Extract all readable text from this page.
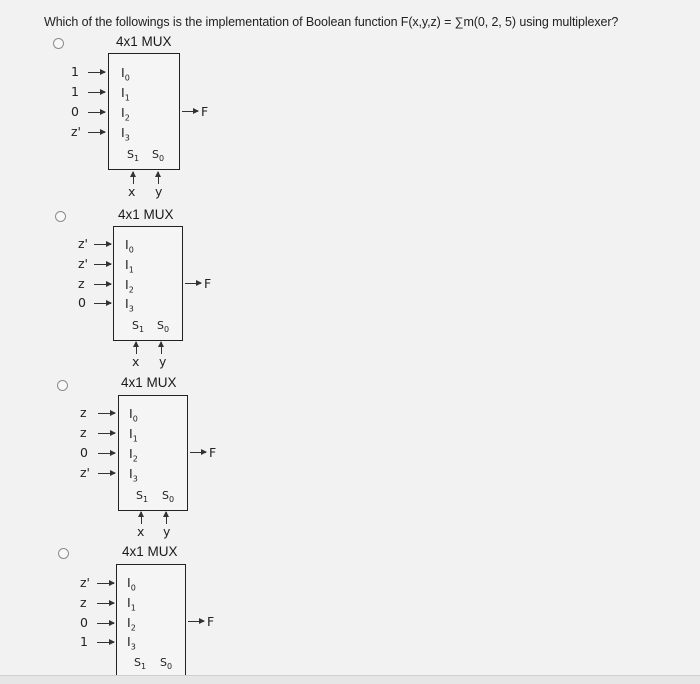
Which of the followings is the implementation of Boolean function F(x,y,z) = ∑m(0, 2, 5) using multiplexer?
4x1 MUX
1
1
0
z'
$I_0$
$I_1$
$I_2$
$I_3$
$S_1$ $S_0$
F
x y
4x1 MUX
z'
z'
z
0
$I_0$
$I_1$
$I_2$
$I_3$
$S_1$ $S_0$
F
x y
4x1 MUX
z
z
0
z'
$I_0$
$I_1$
$I_2$
$I_3$
$S_1$ $S_0$
F
x y
4x1 MUX
z'
z
0
1
$I_0$
$I_1$
$I_2$
$I_3$
$S_1$ $S_0$
F
